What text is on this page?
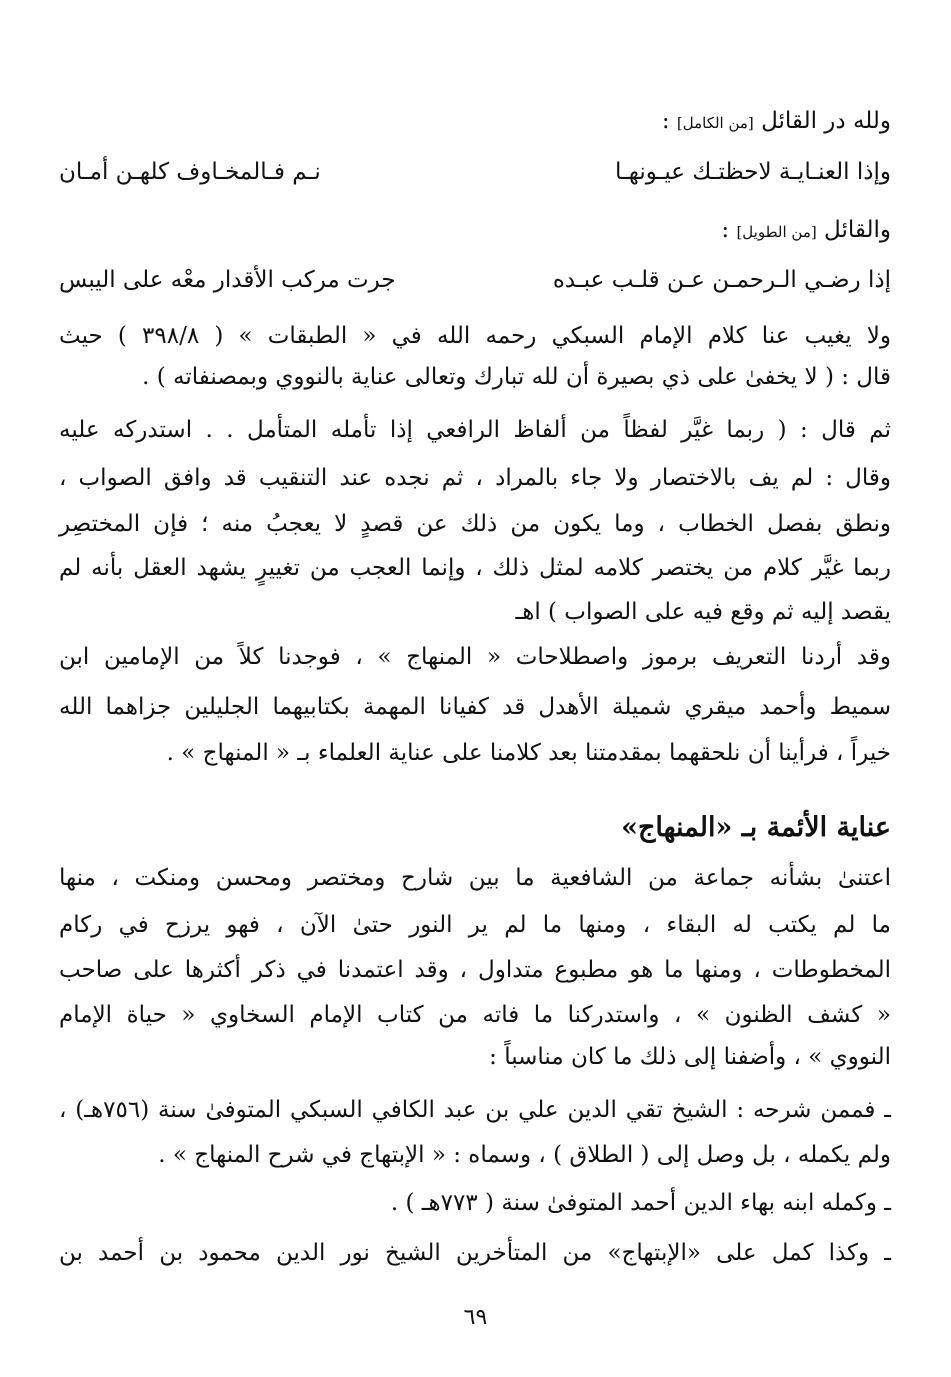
ولله در القائل [من الكامل] :
وإذا العنـايـة لاحظتـك عيـونهـا
نـم فـالمخـاوف كلهـن أمـان
والقائل [من الطويل] :
إذا رضـي الـرحمـن عـن قلـب عبـده
جرت مركب الأقدار معْه على اليبس
ولا يغيب عنا كلام الإمام السبكي رحمه الله في « الطبقات » ( ٣٩٨/٨ ) حيث
قال : ( لا يخفىٰ على ذي بصيرة أن لله تبارك وتعالى عناية بالنووي وبمصنفاته ) .
ثم قال : ( ربما غيَّر لفظاً من ألفاظ الرافعي إذا تأمله المتأمل . . استدركه عليه
وقال : لم يف بالاختصار ولا جاء بالمراد ، ثم نجده عند التنقيب قد وافق الصواب ،
ونطق بفصل الخطاب ، وما يكون من ذلك عن قصدٍ لا يعجبُ منه ؛ فإن المختصِر
ربما غيَّر كلام من يختصر كلامه لمثل ذلك ، وإنما العجب من تغييرٍ يشهد العقل بأنه لم
يقصد إليه ثم وقع فيه على الصواب ) اهـ
وقد أردنا التعريف برموز واصطلاحات « المنهاج » ، فوجدنا كلاً من الإمامين ابن
سميط وأحمد ميقري شميلة الأهدل قد كفيانا المهمة بكتابيهما الجليلين جزاهما الله
خيراً ، فرأينا أن نلحقهما بمقدمتنا بعد كلامنا على عناية العلماء بـ « المنهاج » .
عناية الأئمة بـ «المنهاج»
اعتنىٰ بشأنه جماعة من الشافعية ما بين شارح ومختصر ومحسن ومنكت ، منها
ما لم يكتب له البقاء ، ومنها ما لم ير النور حتىٰ الآن ، فهو يرزح في ركام
المخطوطات ، ومنها ما هو مطبوع متداول ، وقد اعتمدنا في ذكر أكثرها على صاحب
« كشف الظنون » ، واستدركنا ما فاته من كتاب الإمام السخاوي « حياة الإمام
النووي » ، وأضفنا إلى ذلك ما كان مناسباً :
ـ فممن شرحه : الشيخ تقي الدين علي بن عبد الكافي السبكي المتوفىٰ سنة (٧٥٦هـ) ،
ولم يكمله ، بل وصل إلى ( الطلاق ) ، وسماه : « الإبتهاج في شرح المنهاج » .
ـ وكمله ابنه بهاء الدين أحمد المتوفىٰ سنة ( ٧٧٣هـ ) .
ـ وكذا كمل على «الإبتهاج» من المتأخرين الشيخ نور الدين محمود بن أحمد بن
٦٩
